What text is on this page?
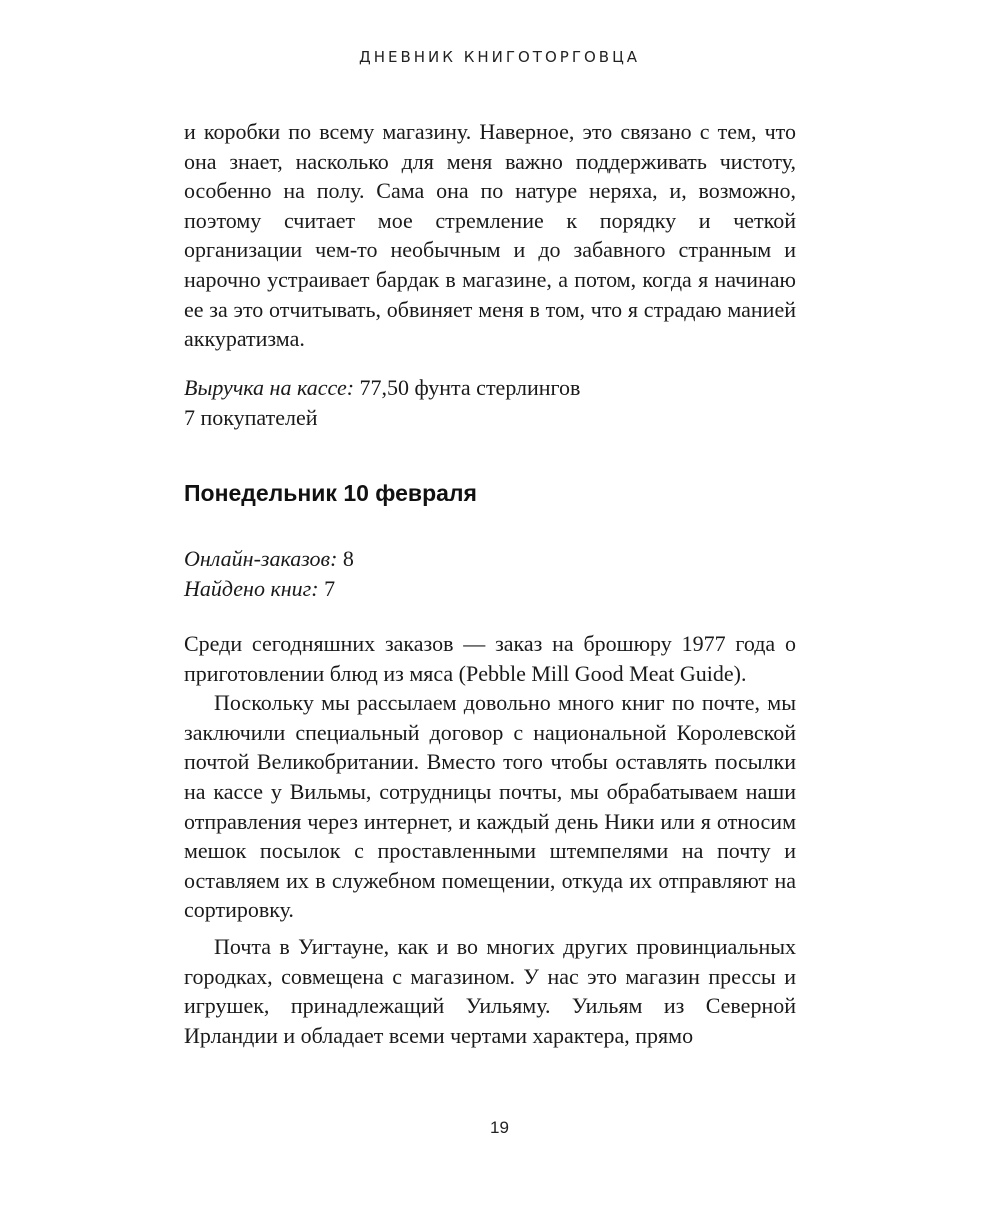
ДНЕВНИК КНИГОТОРГОВЦА

и коробки по всему магазину. Наверное, это связано с тем, что она знает, насколько для меня важно поддерживать чистоту, особенно на полу. Сама она по натуре неряха, и, возможно, поэтому считает мое стремление к порядку и четкой организации чем-то необычным и до забавного странным и нарочно устраивает бардак в магазине, а потом, когда я начинаю ее за это отчитывать, обвиняет меня в том, что я страдаю манией аккуратизма.

Выручка на кассе: 77,50 фунта стерлингов

7 покупателей

Понедельник 10 февраля

Онлайн-заказов: 8

Найдено книг: 7

Среди сегодняшних заказов — заказ на брошюру 1977 года о приготовлении блюд из мяса (Pebble Mill Good Meat Guide).

Поскольку мы рассылаем довольно много книг по почте, мы заключили специальный договор с национальной Королевской почтой Великобритании. Вместо того чтобы оставлять посылки на кассе у Вильмы, сотрудницы почты, мы обрабатываем наши отправления через интернет, и каждый день Ники или я относим мешок посылок с проставленными штемпелями на почту и оставляем их в служебном помещении, откуда их отправляют на сортировку.

Почта в Уигтауне, как и во многих других провинциальных городках, совмещена с магазином. У нас это магазин прессы и игрушек, принадлежащий Уильяму. Уильям из Северной Ирландии и обладает всеми чертами характера, прямо

19
